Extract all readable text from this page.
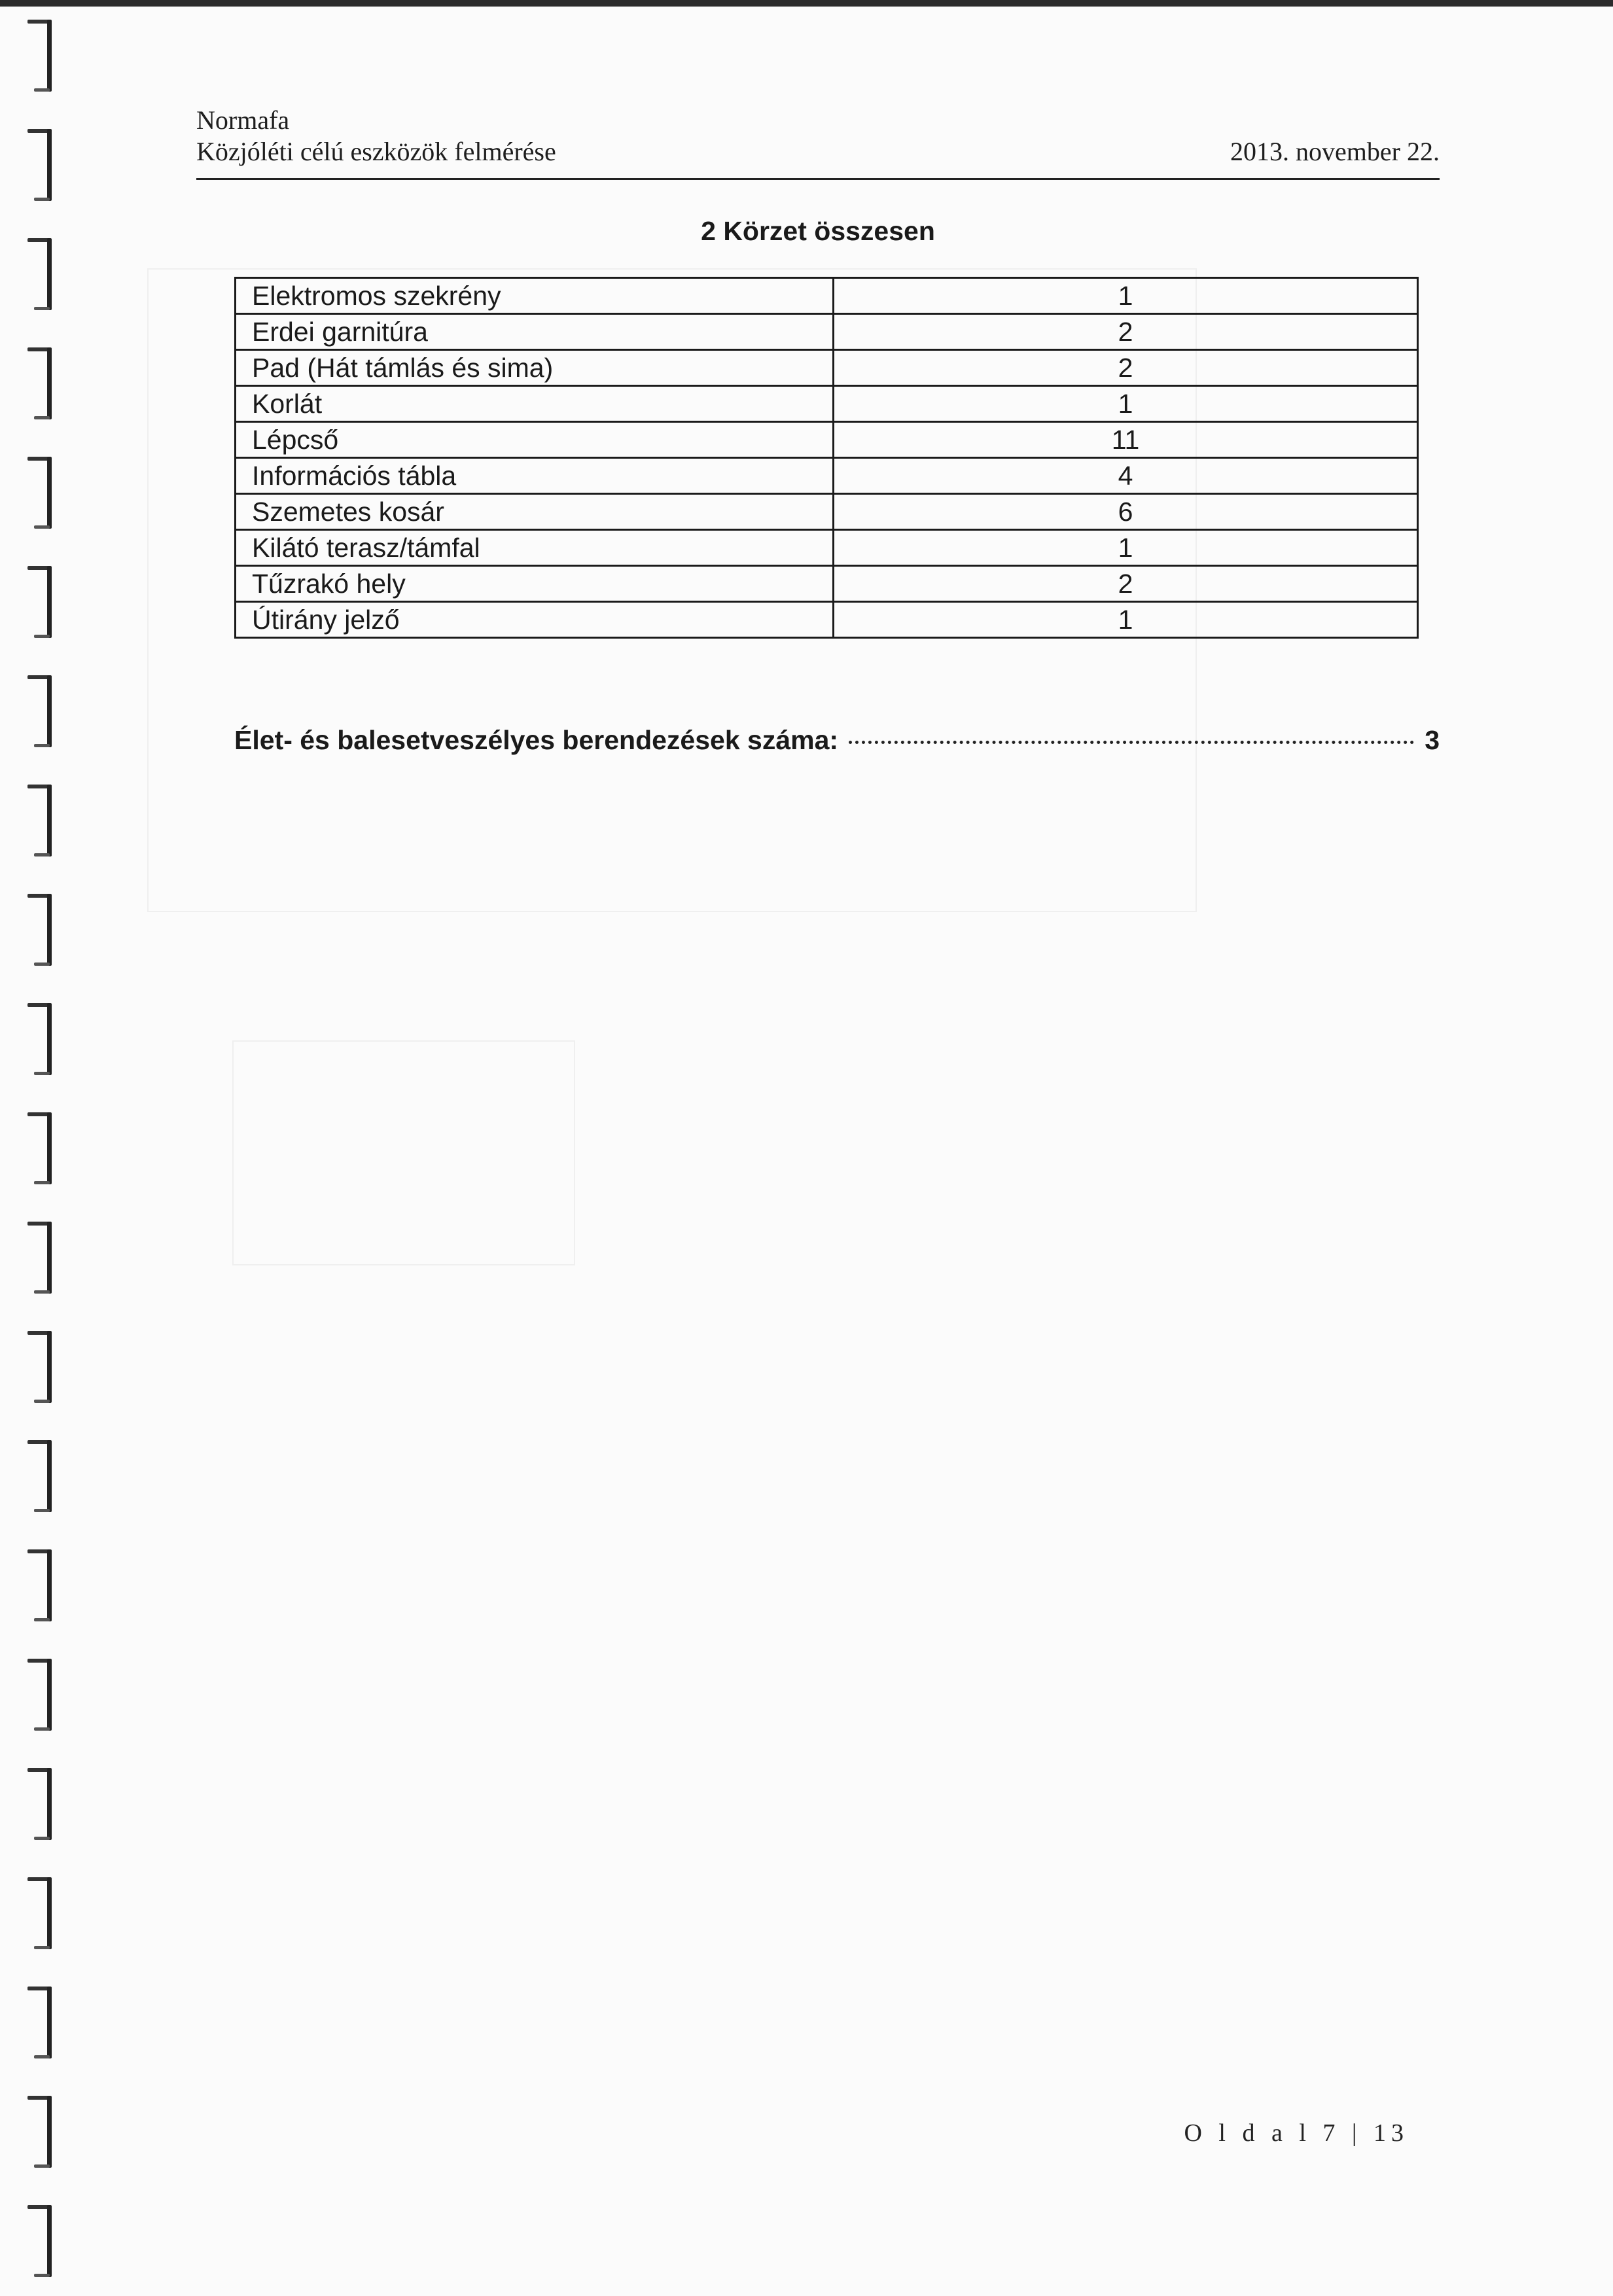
Normafa
Közjóléti célú eszközök felmérése	2013. november 22.
2 Körzet összesen
Elektromos szekrény	1
Erdei garnitúra	2
Pad (Hát támlás és sima)	2
Korlát	1
Lépcső	11
Információs tábla	4
Szemetes kosár	6
Kilátó terasz/támfal	1
Tűzrakó hely	2
Útirány jelző	1
Élet- és balesetveszélyes berendezések száma:	3
O l d a l 7 | 13
